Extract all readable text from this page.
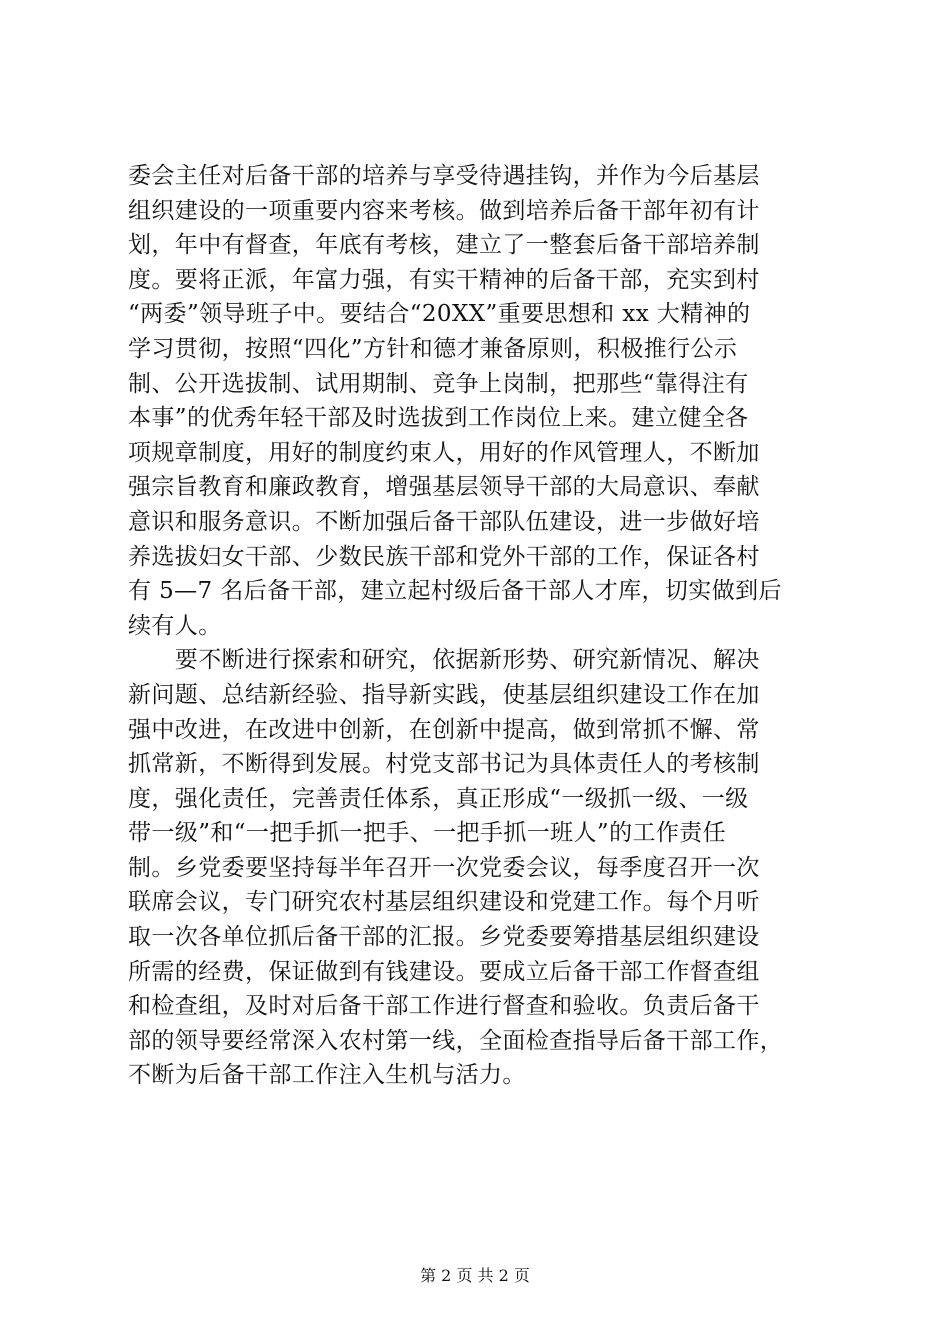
委会主任对后备干部的培养与享受待遇挂钩，并作为今后基层
组织建设的一项重要内容来考核。做到培养后备干部年初有计
划，年中有督查，年底有考核，建立了一整套后备干部培养制
度。要将正派，年富力强，有实干精神的后备干部，充实到村
“两委”领导班子中。要结合“20XX”重要思想和 xx 大精神的
学习贯彻，按照“四化”方针和德才兼备原则，积极推行公示
制、公开选拔制、试用期制、竞争上岗制，把那些“靠得注有
本事”的优秀年轻干部及时选拔到工作岗位上来。建立健全各
项规章制度，用好的制度约束人，用好的作风管理人，不断加
强宗旨教育和廉政教育，增强基层领导干部的大局意识、奉献
意识和服务意识。不断加强后备干部队伍建设，进一步做好培
养选拔妇女干部、少数民族干部和党外干部的工作，保证各村
有 5—7 名后备干部，建立起村级后备干部人才库，切实做到后
续有人。
　　要不断进行探索和研究，依据新形势、研究新情况、解决
新问题、总结新经验、指导新实践，使基层组织建设工作在加
强中改进，在改进中创新，在创新中提高，做到常抓不懈、常
抓常新，不断得到发展。村党支部书记为具体责任人的考核制
度，强化责任，完善责任体系，真正形成“一级抓一级、一级
带一级”和“一把手抓一把手、一把手抓一班人”的工作责任
制。乡党委要坚持每半年召开一次党委会议，每季度召开一次
联席会议，专门研究农村基层组织建设和党建工作。每个月听
取一次各单位抓后备干部的汇报。乡党委要筹措基层组织建设
所需的经费，保证做到有钱建设。要成立后备干部工作督查组
和检查组，及时对后备干部工作进行督查和验收。负责后备干
部的领导要经常深入农村第一线，全面检查指导后备干部工作，
不断为后备干部工作注入生机与活力。
第 2 页 共 2 页
